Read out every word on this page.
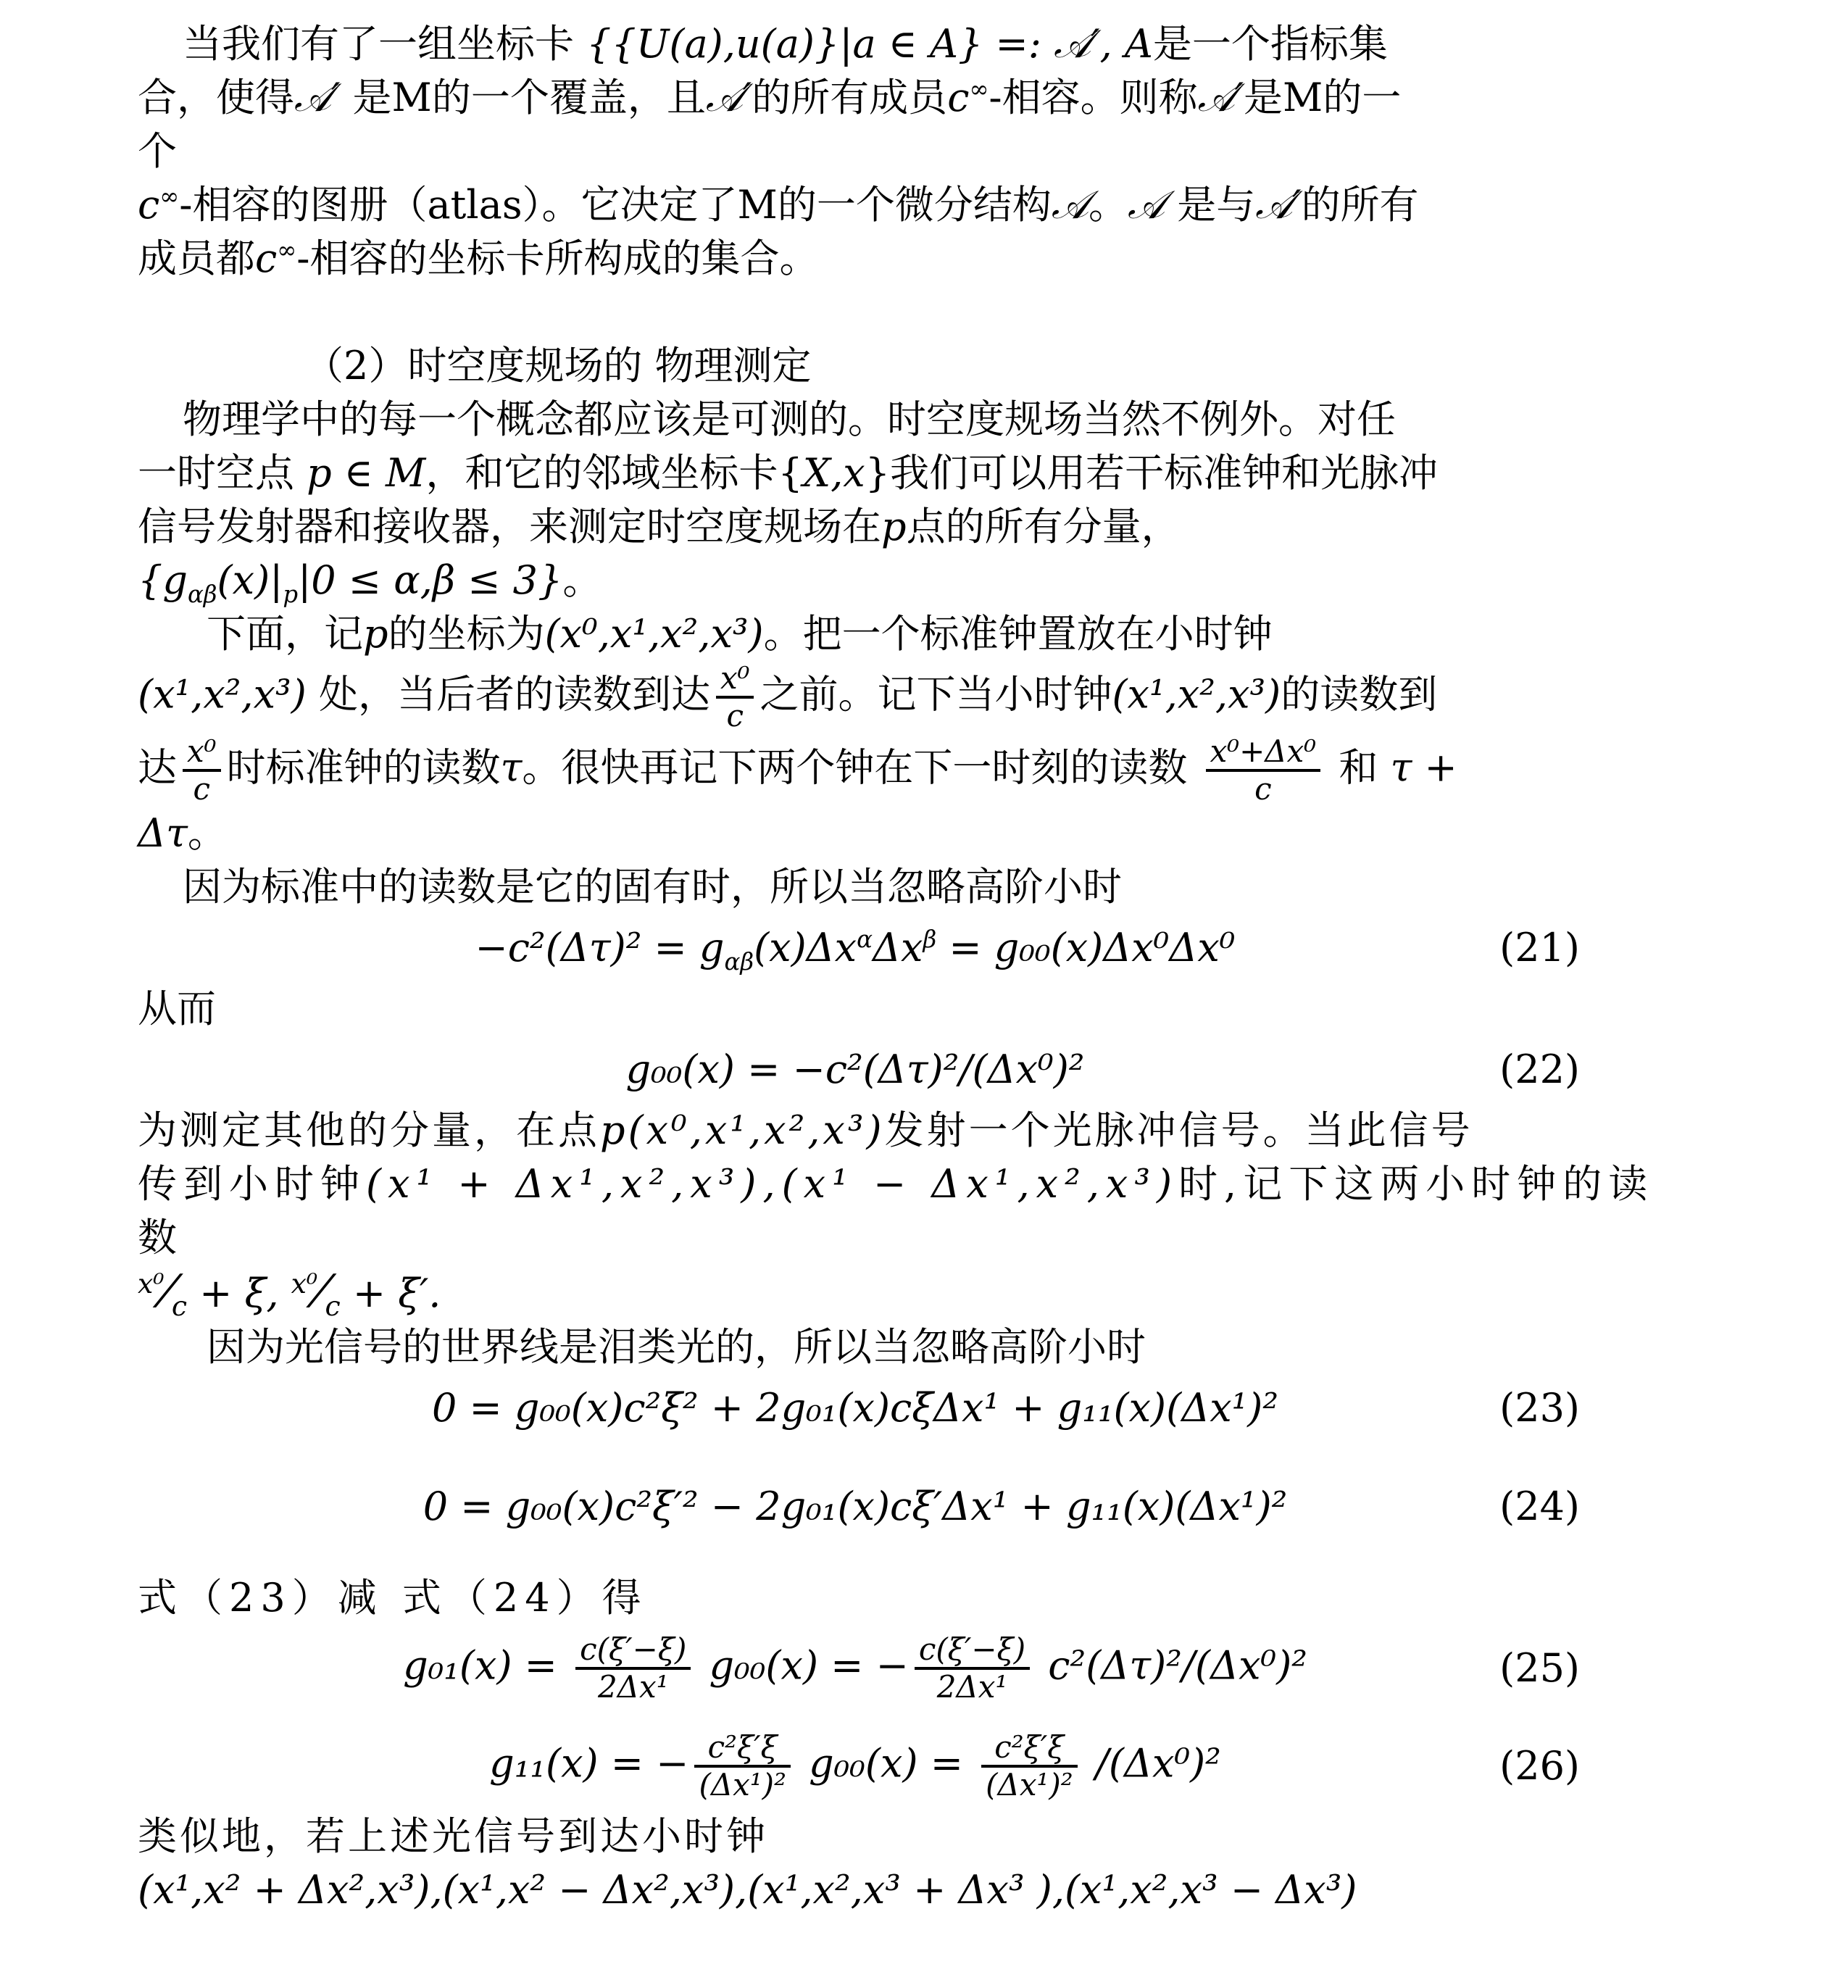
当我们有了一组坐标卡 {{U(a),u(a)}|a ∈ A} =: 𝒜′, A是一个指标集
合，使得𝒜′ 是M的一个覆盖，且𝒜′的所有成员c∞-相容。则称𝒜′是M的一
个
c∞-相容的图册（atlas）。它决定了M的一个微分结构𝒜。𝒜 是与𝒜′的所有
成员都c∞-相容的坐标卡所构成的集合。
（2）时空度规场的 物理测定
物理学中的每一个概念都应该是可测的。时空度规场当然不例外。对任
一时空点 p ∈ M，和它的邻域坐标卡{X,x}我们可以用若干标准钟和光脉冲
信号发射器和接收器，来测定时空度规场在p点的所有分量，
$\{g_{\alpha\beta}(x)|_p|0 \le \alpha,\beta \le 3\}$。
下面，记p的坐标为(x⁰,x¹,x²,x³)。把一个标准钟置放在小时钟
(x¹,x²,x³) 处，当后者的读数到达 $\frac{\text{x⁰}}{c}$ 之前。记下当小时钟(x¹,x²,x³)的读数到
达 $\frac{\text{x⁰}}{c}$ 时标准钟的读数τ。很快再记下两个钟在下一时刻的读数 $\frac{\text{x⁰+Δx⁰}}{c}$ 和 τ +
Δτ。
因为标准中的读数是它的固有时，所以当忽略高阶小时
$-c^2(\Delta\tau)^2 = g_{\alpha\beta}(x)\Delta x^\alpha\Delta x^\beta = g_{00}(x)\Delta x^0\Delta x^0$	(21)
从而
g₀₀(x) = −c²(Δτ)²/(Δx⁰)²	(22)
为测定其他的分量，在点p(x⁰,x¹,x²,x³)发射一个光脉冲信号。当此信号
传到小时钟(x¹ + Δx¹,x²,x³),(x¹ − Δx¹,x²,x³)时,记下这两小时钟的读数
$^{x^0}⁄_c + \xi$, $^{x^0}⁄_c + \xi'$.
因为光信号的世界线是泪类光的，所以当忽略高阶小时
0 = g₀₀(x)c²ξ² + 2g₀₁(x)cξΔx¹ + g₁₁(x)(Δx¹)²	(23)
0 = g₀₀(x)c²ξ′² − 2g₀₁(x)cξ′Δx¹ + g₁₁(x)(Δx¹)²	(24)
式（23）减 式（24）得
$g_{01}(x) = \frac{c(\xi'-\xi)}{\text{2Δx¹}} g_{00}(x)$ = − $\frac{c(\xi'-\xi)}{\text{2Δx¹}} c^2(\Delta\tau)^2/(\Delta x^0)^2$	(25)
g₁₁(x) = − $\frac{\text{c²ξ′ξ}}{\text{(Δx¹)²}} g_{00}(x) = \frac{\text{c²ξ′ξ}}{\text{(Δx¹)²}} /(\Delta x^0)^2$	(26)
类似地，若上述光信号到达小时钟
(x¹,x² + Δx²,x³),(x¹,x² − Δx²,x³),(x¹,x²,x³ + Δx³ ),(x¹,x²,x³ − Δx³)
